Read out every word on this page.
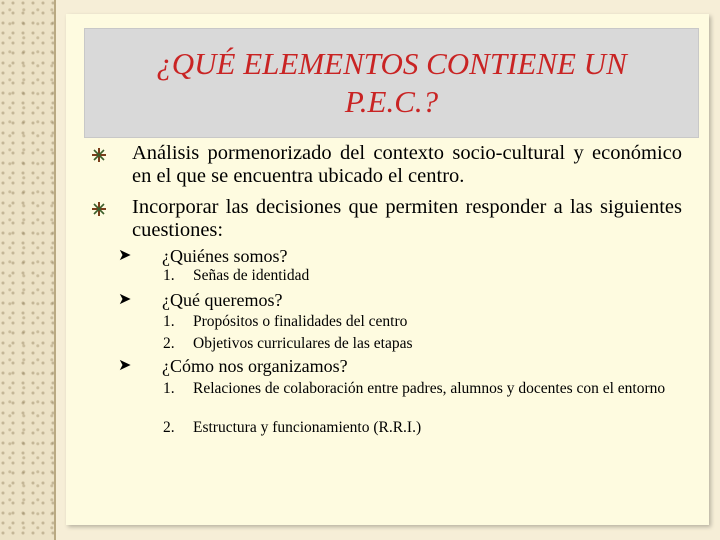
¿QUÉ ELEMENTOS CONTIENE UN P.E.C.?
Análisis pormenorizado del contexto socio-cultural y económico en el que se encuentra ubicado el centro.
Incorporar las decisiones que permiten responder a las siguientes cuestiones:
➤ ¿Quiénes somos?
1. Señas de identidad
➤ ¿Qué queremos?
1. Propósitos o finalidades del centro
2. Objetivos curriculares de las etapas
➤ ¿Cómo nos organizamos?
1. Relaciones de colaboración entre padres, alumnos y docentes con el entorno
2. Estructura y funcionamiento (R.R.I.)
